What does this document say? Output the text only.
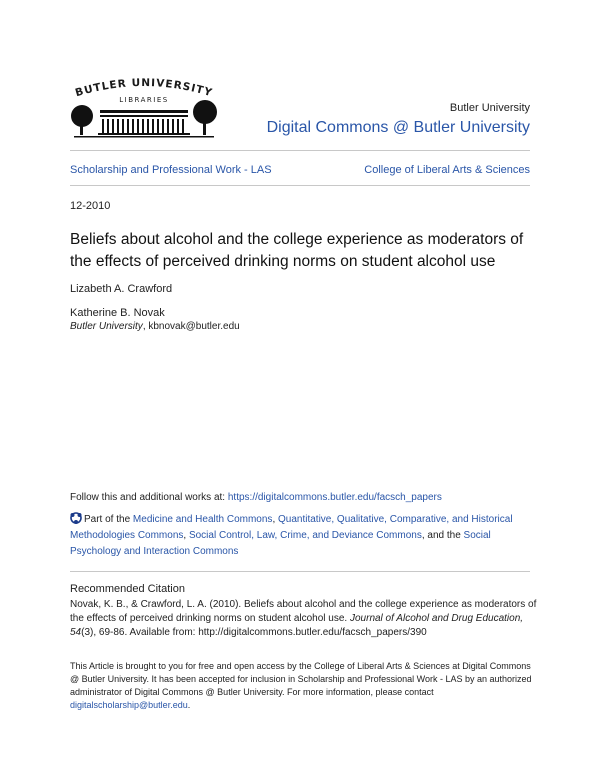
BUTLER UNIVERSITY
LIBRARIES
Butler University
Digital Commons @ Butler University
Scholarship and Professional Work - LAS	College of Liberal Arts & Sciences
12-2010
Beliefs about alcohol and the college experience as moderators of the effects of perceived drinking norms on student alcohol use
Lizabeth A. Crawford
Katherine B. Novak
Butler University, kbnovak@butler.edu
Follow this and additional works at: https://digitalcommons.butler.edu/facsch_papers
Part of the Medicine and Health Commons, Quantitative, Qualitative, Comparative, and Historical Methodologies Commons, Social Control, Law, Crime, and Deviance Commons, and the Social Psychology and Interaction Commons
Recommended Citation
Novak, K. B., & Crawford, L. A. (2010). Beliefs about alcohol and the college experience as moderators of the effects of perceived drinking norms on student alcohol use. Journal of Alcohol and Drug Education, 54(3), 69-86. Available from: http://digitalcommons.butler.edu/facsch_papers/390
This Article is brought to you for free and open access by the College of Liberal Arts & Sciences at Digital Commons @ Butler University. It has been accepted for inclusion in Scholarship and Professional Work - LAS by an authorized administrator of Digital Commons @ Butler University. For more information, please contact digitalscholarship@butler.edu.
